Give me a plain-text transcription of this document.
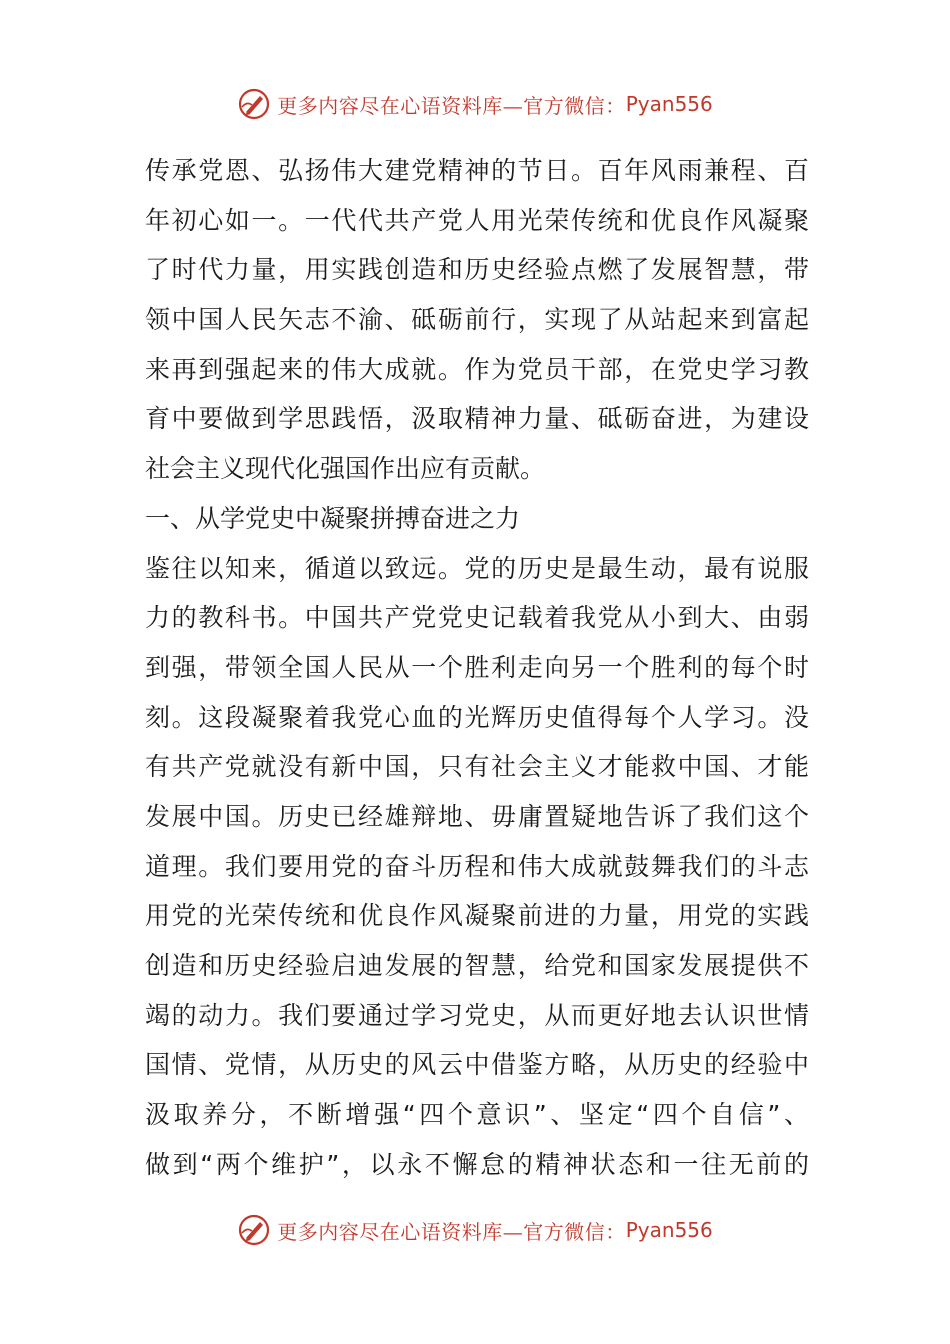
更多内容尽在心语资料库—官方微信： Pyan556
传承党恩、弘扬伟大建党精神的节日。百年风雨兼程、百
年初心如一。一代代共产党人用光荣传统和优良作风凝聚
了时代力量，用实践创造和历史经验点燃了发展智慧，带
领中国人民矢志不渝、砥砺前行，实现了从站起来到富起
来再到强起来的伟大成就。作为党员干部，在党史学习教
育中要做到学思践悟，汲取精神力量、砥砺奋进，为建设
社会主义现代化强国作出应有贡献。
一、从学党史中凝聚拼搏奋进之力
鉴往以知来，循道以致远。党的历史是最生动，最有说服
力的教科书。中国共产党党史记载着我党从小到大、由弱
到强，带领全国人民从一个胜利走向另一个胜利的每个时
刻。这段凝聚着我党心血的光辉历史值得每个人学习。没
有共产党就没有新中国，只有社会主义才能救中国、才能
发展中国。历史已经雄辩地、毋庸置疑地告诉了我们这个
道理。我们要用党的奋斗历程和伟大成就鼓舞我们的斗志
用党的光荣传统和优良作风凝聚前进的力量，用党的实践
创造和历史经验启迪发展的智慧，给党和国家发展提供不
竭的动力。我们要通过学习党史，从而更好地去认识世情
国情、党情，从历史的风云中借鉴方略，从历史的经验中
汲取养分，不断增强“四个意识”、坚定“四个自信”、
做到“两个维护”，以永不懈怠的精神状态和一往无前的
更多内容尽在心语资料库—官方微信： Pyan556
